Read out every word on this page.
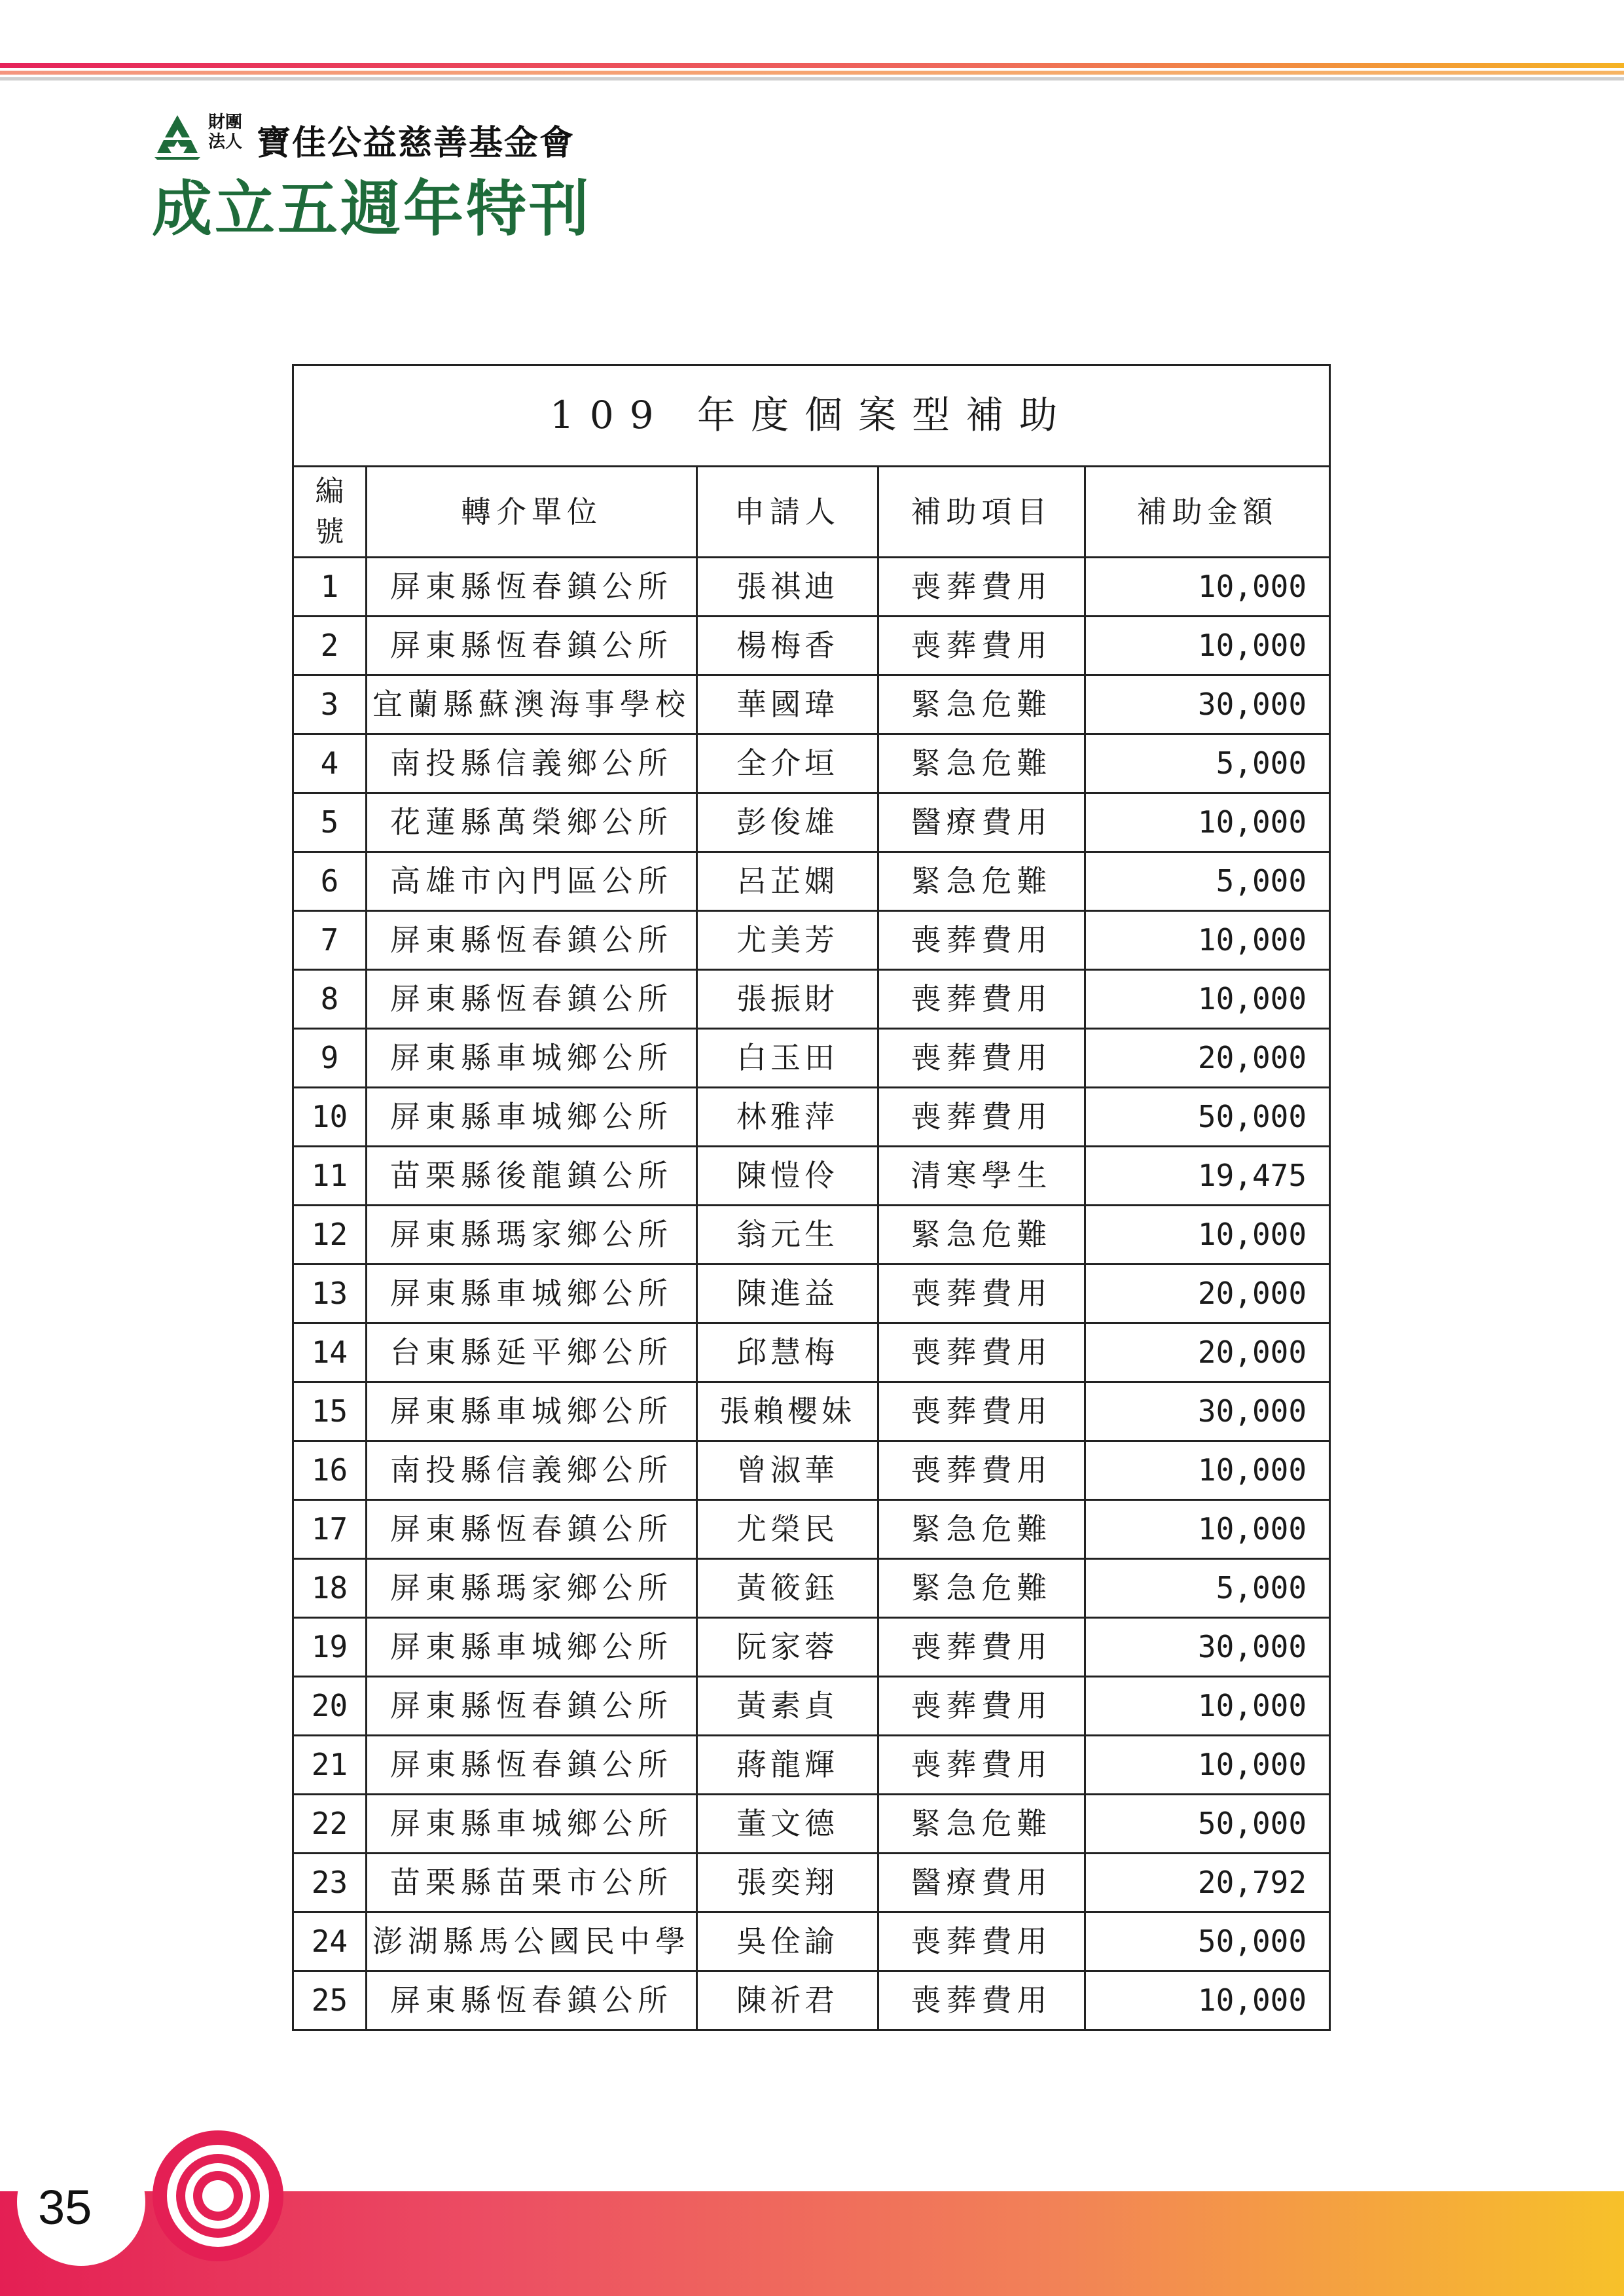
財團法人 寶佳公益慈善基金會
成立五週年特刊
109 年度個案型補助				

編
號	轉介單位	申請人	補助項目	補助金額
1	屏東縣恆春鎮公所	張祺迪	喪葬費用	10,000
2	屏東縣恆春鎮公所	楊梅香	喪葬費用	10,000
3	宜蘭縣蘇澳海事學校	華國瑋	緊急危難	30,000
4	南投縣信義鄉公所	全介垣	緊急危難	5,000
5	花蓮縣萬榮鄉公所	彭俊雄	醫療費用	10,000
6	高雄市內門區公所	呂芷嫻	緊急危難	5,000
7	屏東縣恆春鎮公所	尤美芳	喪葬費用	10,000
8	屏東縣恆春鎮公所	張振財	喪葬費用	10,000
9	屏東縣車城鄉公所	白玉田	喪葬費用	20,000
10	屏東縣車城鄉公所	林雅萍	喪葬費用	50,000
11	苗栗縣後龍鎮公所	陳愷伶	清寒學生	19,475
12	屏東縣瑪家鄉公所	翁元生	緊急危難	10,000
13	屏東縣車城鄉公所	陳進益	喪葬費用	20,000
14	台東縣延平鄉公所	邱慧梅	喪葬費用	20,000
15	屏東縣車城鄉公所	張賴櫻妹	喪葬費用	30,000
16	南投縣信義鄉公所	曾淑華	喪葬費用	10,000
17	屏東縣恆春鎮公所	尤榮民	緊急危難	10,000
18	屏東縣瑪家鄉公所	黃筱鈺	緊急危難	5,000
19	屏東縣車城鄉公所	阮家蓉	喪葬費用	30,000
20	屏東縣恆春鎮公所	黃素貞	喪葬費用	10,000
21	屏東縣恆春鎮公所	蔣龍輝	喪葬費用	10,000
22	屏東縣車城鄉公所	董文德	緊急危難	50,000
23	苗栗縣苗栗市公所	張奕翔	醫療費用	20,792
24	澎湖縣馬公國民中學	吳佺諭	喪葬費用	50,000
25	屏東縣恆春鎮公所	陳祈君	喪葬費用	10,000
35
